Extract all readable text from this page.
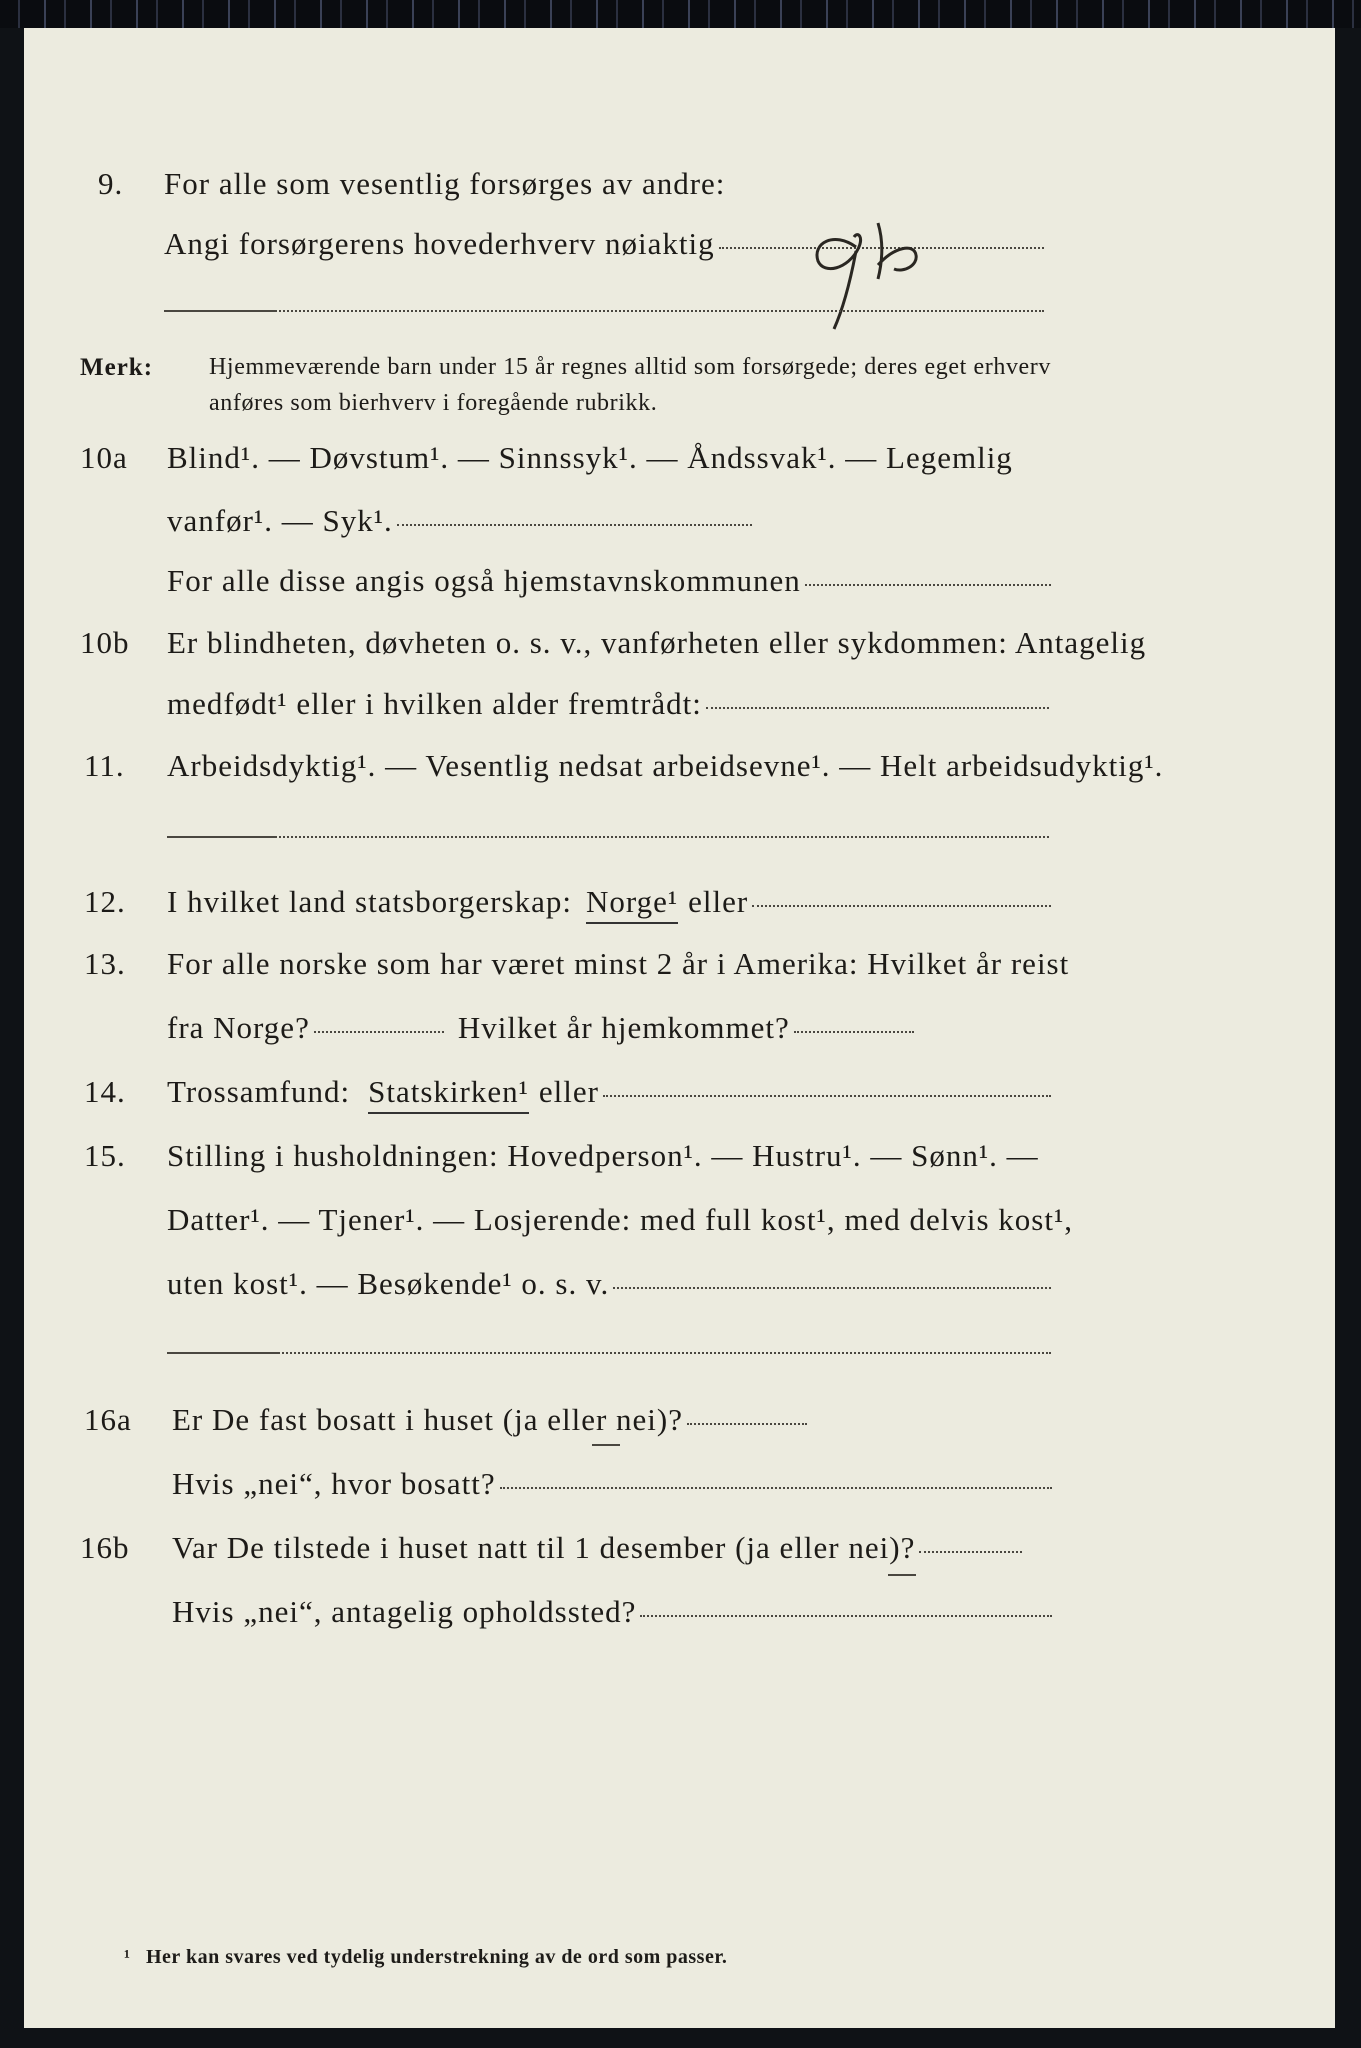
9. For alle som vesentlig forsørges av andre:
Angi forsørgerens hovederhverv nøiaktig
Ja
Merk: Hjemmeværende barn under 15 år regnes alltid som forsørgede; deres eget erhverv
anføres som bierhverv i foregående rubrikk.
10a Blind¹. — Døvstum¹. — Sinnssyk¹. — Åndssvak¹. — Legemlig
vanfør¹. — Syk¹.
For alle disse angis også hjemstavnskommunen
10b Er blindheten, døvheten o. s. v., vanførheten eller sykdommen: Antagelig
medfødt¹ eller i hvilken alder fremtrådt:
11. Arbeidsdyktig¹. — Vesentlig nedsat arbeidsevne¹. — Helt arbeidsudyktig¹.
12. I hvilket land statsborgerskap: Norge¹ eller
13. For alle norske som har været minst 2 år i Amerika: Hvilket år reist
fra Norge?	Hvilket år hjemkommet?
14. Trossamfund: Statskirken¹ eller
15. Stilling i husholdningen: Hovedperson¹. — Hustru¹. — Sønn¹. —
Datter¹. — Tjener¹. — Losjerende: med full kost¹, med delvis kost¹,
uten kost¹. — Besøkende¹ o. s. v.
16a Er De fast bosatt i huset (ja eller nei)?
Hvis „nei“, hvor bosatt?
16b Var De tilstede i huset natt til 1 desember (ja eller nei)?
Hvis „nei“, antagelig opholdssted?
¹ Her kan svares ved tydelig understrekning av de ord som passer.
